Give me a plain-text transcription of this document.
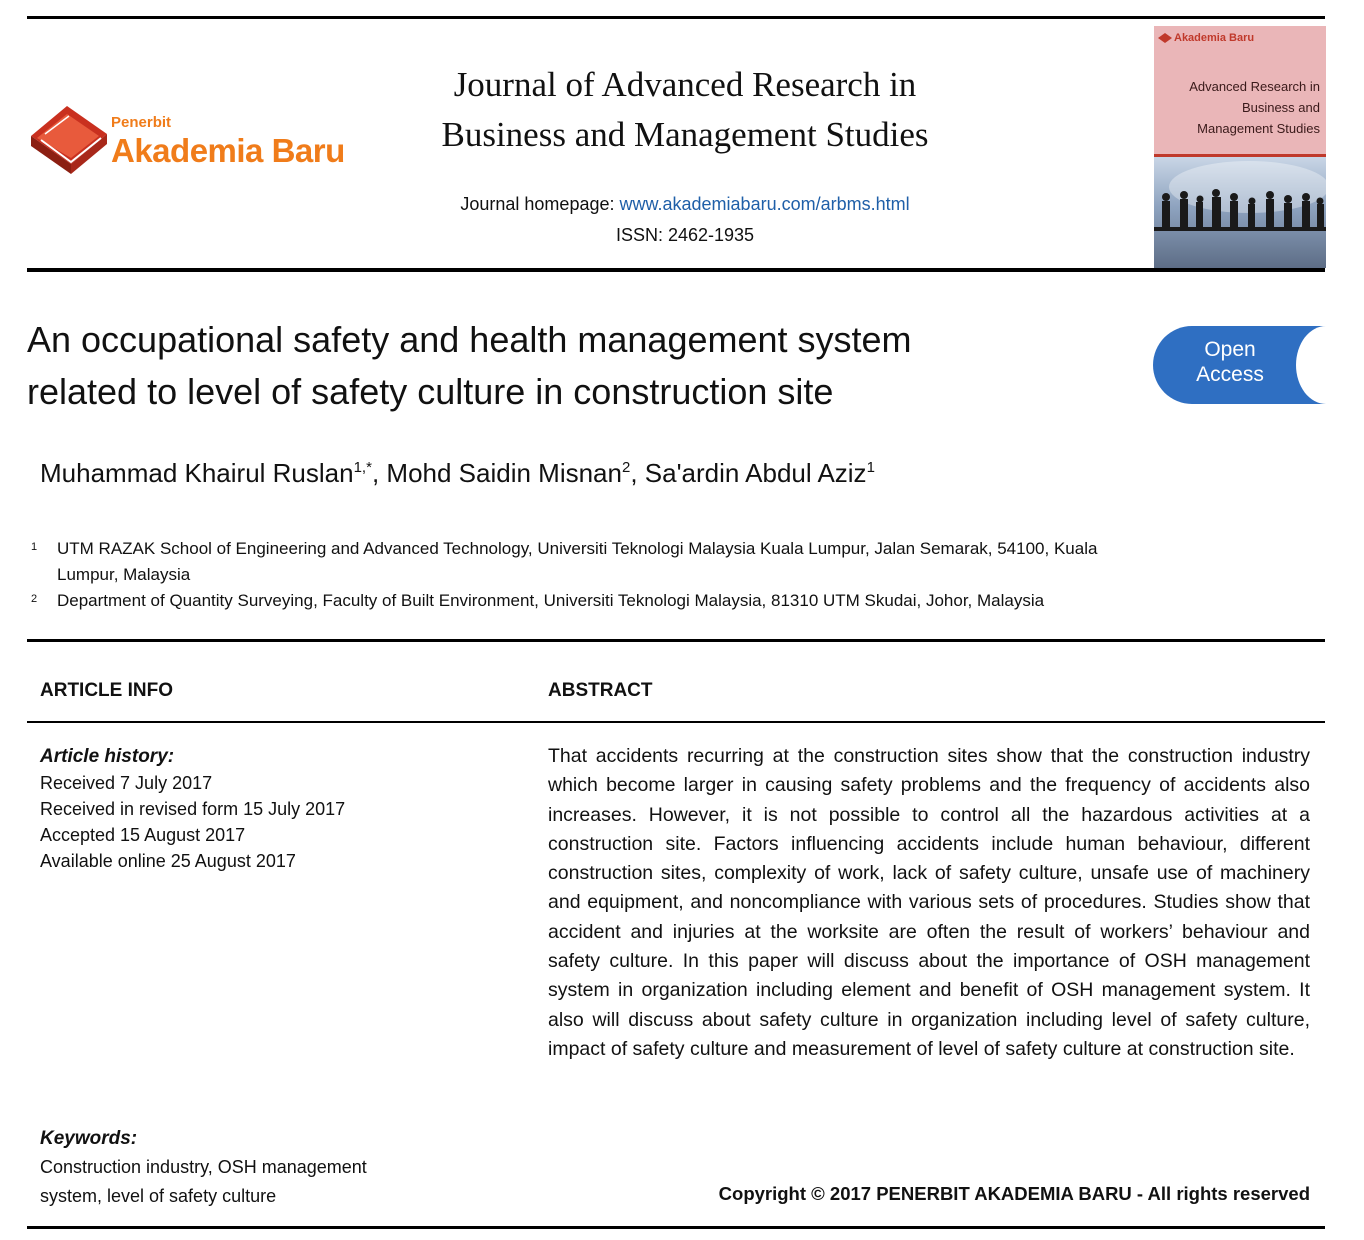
Penerbit
Akademia Baru
Journal of Advanced Research in
Business and Management Studies
Journal homepage: www.akademiabaru.com/arbms.html
ISSN: 2462-1935
Akademia Baru
Advanced Research in
Business and
Management Studies
An occupational safety and health management system
related to level of safety culture in construction site
Open
Access
Muhammad Khairul Ruslan$^{1,*}$, Mohd Saidin Misnan$^2$, Sa'ardin Abdul Aziz$^1$
1 UTM RAZAK School of Engineering and Advanced Technology, Universiti Teknologi Malaysia Kuala Lumpur, Jalan Semarak, 54100, Kuala
Lumpur, Malaysia
2 Department of Quantity Surveying, Faculty of Built Environment, Universiti Teknologi Malaysia, 81310 UTM Skudai, Johor, Malaysia
ARTICLE INFO	ABSTRACT
Article history:
Received 7 July 2017
Received in revised form 15 July 2017
Accepted 15 August 2017
Available online 25 August 2017
Keywords:
Construction industry, OSH management
system, level of safety culture
That accidents recurring at the construction sites show that the construction industry which become larger in causing safety problems and the frequency of accidents also increases. However, it is not possible to control all the hazardous activities at a construction site. Factors influencing accidents include human behaviour, different construction sites, complexity of work, lack of safety culture, unsafe use of machinery and equipment, and noncompliance with various sets of procedures. Studies show that accident and injuries at the worksite are often the result of workers’ behaviour and safety culture. In this paper will discuss about the importance of OSH management system in organization including element and benefit of OSH management system. It also will discuss about safety culture in organization including level of safety culture, impact of safety culture and measurement of level of safety culture at construction site.
Copyright © 2017 PENERBIT AKADEMIA BARU - All rights reserved
